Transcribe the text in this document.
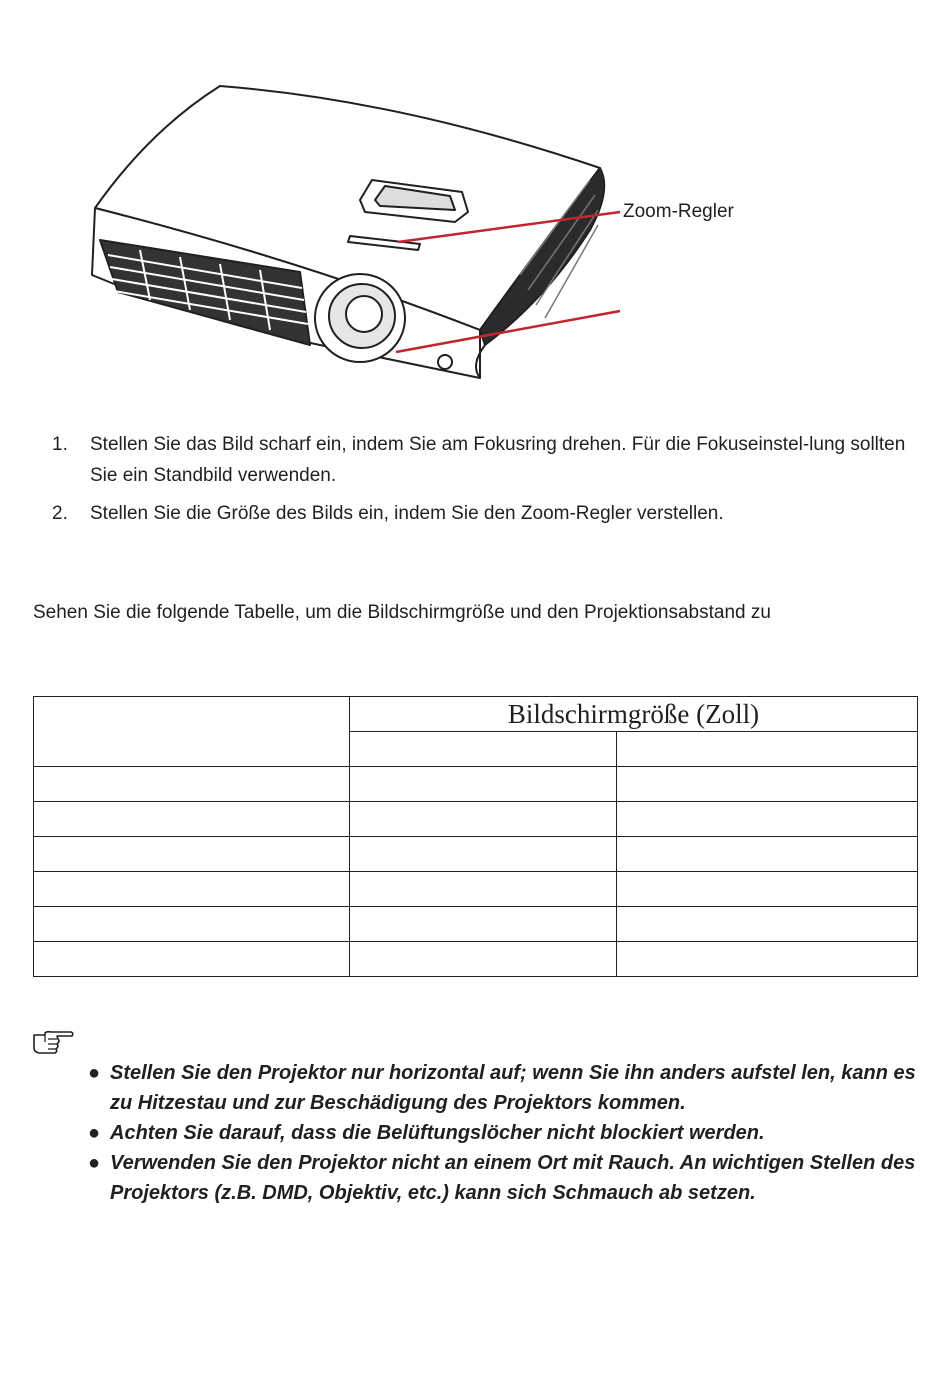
Zoom-Regler
1. Stellen Sie das Bild scharf ein, indem Sie am Fokusring drehen. Für die Fokuseinstel-lung sollten Sie ein Standbild verwenden.
2. Stellen Sie die Größe des Bilds ein, indem Sie den Zoom-Regler verstellen.
Sehen Sie die folgende Tabelle, um die Bildschirmgröße und den Projektionsabstand zu
	Bildschirmgröße (Zoll)	

● Stellen Sie den Projektor nur horizontal auf; wenn Sie ihn anders aufstel len, kann es zu Hitzestau und zur Beschädigung des Projektors kommen.
● Achten Sie darauf, dass die Belüftungslöcher nicht blockiert werden.
● Verwenden Sie den Projektor nicht an einem Ort mit Rauch. An wichtigen Stellen des Projektors (z.B. DMD, Objektiv, etc.) kann sich Schmauch ab setzen.
